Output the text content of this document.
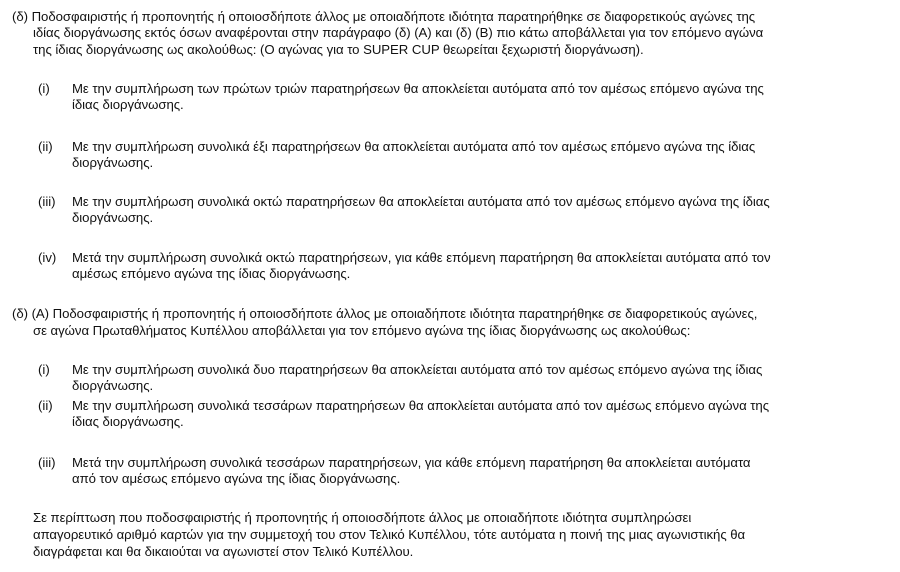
(δ) Ποδοσφαιριστής ή προπονητής ή οποιοσδήποτε άλλος με οποιαδήποτε ιδιότητα παρατηρήθηκε σε διαφορετικούς αγώνες της
ιδίας διοργάνωσης εκτός όσων αναφέρονται στην παράγραφο (δ) (Α) και (δ) (Β) πιο κάτω αποβάλλεται για τον επόμενο αγώνα
της ίδιας διοργάνωσης ως ακολούθως: (Ο αγώνας για το SUPER CUP θεωρείται ξεχωριστή διοργάνωση).
(i) Με την συμπλήρωση των πρώτων τριών παρατηρήσεων θα αποκλείεται αυτόματα από τον αμέσως επόμενο αγώνα της
ίδιας διοργάνωσης.
(ii) Με την συμπλήρωση συνολικά έξι παρατηρήσεων θα αποκλείεται αυτόματα από τον αμέσως επόμενο αγώνα της ίδιας
διοργάνωσης.
(iii) Με την συμπλήρωση συνολικά οκτώ παρατηρήσεων θα αποκλείεται αυτόματα από τον αμέσως επόμενο αγώνα της ίδιας
διοργάνωσης.
(iv) Μετά την συμπλήρωση συνολικά οκτώ παρατηρήσεων, για κάθε επόμενη παρατήρηση θα αποκλείεται αυτόματα από τον
αμέσως επόμενο αγώνα της ίδιας διοργάνωσης.
(δ) (Α) Ποδοσφαιριστής ή προπονητής ή οποιοσδήποτε άλλος με οποιαδήποτε ιδιότητα παρατηρήθηκε σε διαφορετικούς αγώνες,
σε αγώνα Πρωταθλήματος Κυπέλλου αποβάλλεται για τον επόμενο αγώνα της ίδιας διοργάνωσης ως ακολούθως:
(i) Με την συμπλήρωση συνολικά δυο παρατηρήσεων θα αποκλείεται αυτόματα από τον αμέσως επόμενο αγώνα της ίδιας
διοργάνωσης.
(ii) Με την συμπλήρωση συνολικά τεσσάρων παρατηρήσεων θα αποκλείεται αυτόματα από τον αμέσως επόμενο αγώνα της
ίδιας διοργάνωσης.
(iii) Μετά την συμπλήρωση συνολικά τεσσάρων παρατηρήσεων, για κάθε επόμενη παρατήρηση θα αποκλείεται αυτόματα
από τον αμέσως επόμενο αγώνα της ίδιας διοργάνωσης.
Σε περίπτωση που ποδοσφαιριστής ή προπονητής ή οποιοσδήποτε άλλος με οποιαδήποτε ιδιότητα συμπληρώσει
απαγορευτικό αριθμό καρτών για την συμμετοχή του στον Τελικό Κυπέλλου, τότε αυτόματα η ποινή της μιας αγωνιστικής θα
διαγράφεται και θα δικαιούται να αγωνιστεί στον Τελικό Κυπέλλου.
